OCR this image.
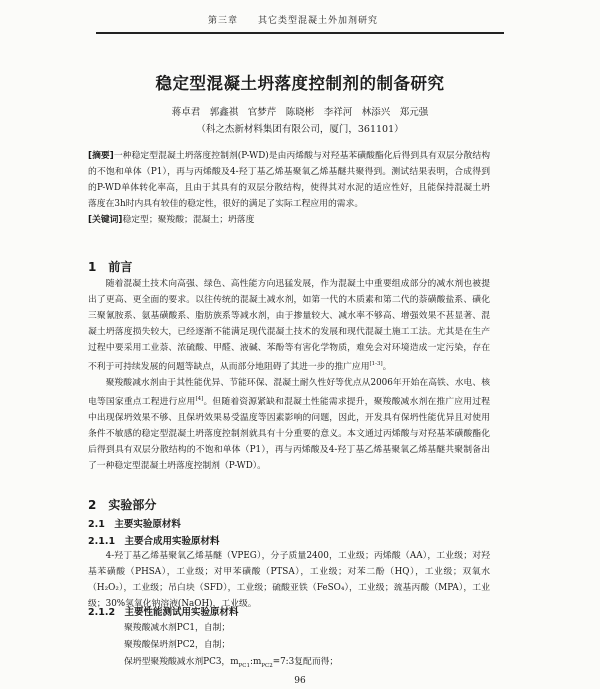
第三章　　其它类型混凝土外加剂研究
稳定型混凝土坍落度控制剂的制备研究
蒋卓君　郭鑫祺　官梦芹　陈晓彬　李祥河　林添兴　郑元强
（科之杰新材料集团有限公司，厦门，361101）

[摘要]一种稳定型混凝土坍落度控制剂(P-WD)是由丙烯酸与对羟基苯磺酸酯化后得到具有双层分散结构的不饱和单体（P1），再与丙烯酸及4-羟丁基乙烯基聚氧乙烯基醚共聚得到。测试结果表明，合成得到的P-WD单体转化率高，且由于其具有的双层分散结构，使得其对水泥的适应性好，且能保持混凝土坍落度在3h时内具有较佳的稳定性，很好的满足了实际工程应用的需求。

[关键词]稳定型；聚羧酸；混凝土；坍落度

1　前言

随着混凝土技术向高强、绿色、高性能方向迅猛发展，作为混凝土中重要组成部分的减水剂也被提出了更高、更全面的要求。以往传统的混凝土减水剂，如第一代的木质素和第二代的萘磺酸盐系、磺化三聚氰胺系、氨基磺酸系、脂肪族系等减水剂，由于掺量较大、减水率不够高、增强效果不甚显著、混凝土坍落度损失较大，已经逐渐不能满足现代混凝土技术的发展和现代混凝土施工工法。尤其是在生产过程中要采用工业萘、浓硫酸、甲醛、液碱、苯酚等有害化学物质，难免会对环境造成一定污染，存在不利于可持续发展的问题等缺点，从而部分地阻碍了其进一步的推广应用[1-3]。

聚羧酸减水剂由于其性能优异、节能环保、混凝土耐久性好等优点从2006年开始在高铁、水电、核电等国家重点工程进行应用[4]。但随着资源紧缺和混凝土性能需求提升，聚羧酸减水剂在推广应用过程中出现保坍效果不够、且保坍效果易受温度等因素影响的问题，因此，开发具有保坍性能优异且对使用条件不敏感的稳定型混凝土坍落度控制剂就具有十分重要的意义。本文通过丙烯酸与对羟基苯磺酸酯化后得到具有双层分散结构的不饱和单体（P1），再与丙烯酸及4-羟丁基乙烯基聚氧乙烯基醚共聚制备出了一种稳定型混凝土坍落度控制剂（P-WD）。

2　实验部分
2.1　主要实验原材料
2.1.1　主要合成用实验原材料

4-羟丁基乙烯基聚氧乙烯基醚（VPEG），分子质量2400，工业级；丙烯酸（AA），工业级；对羟基苯磺酸（PHSA），工业级；对甲苯磺酸（PTSA），工业级；对苯二酚（HQ），工业级；双氧水（H₂O₂），工业级；吊白块（SFD），工业级；硫酸亚铁（FeSO₄），工业级；巯基丙酸（MPA），工业级；30%氢氧化钠溶液(NaOH)，工业级。

2.1.2　主要性能测试用实验原材料
聚羧酸减水剂PC1，自制；
聚羧酸保坍剂PC2，自制；
保坍型聚羧酸减水剂PC3，$m_{PC1}:m_{PC2}=7:3$复配而得；
96
